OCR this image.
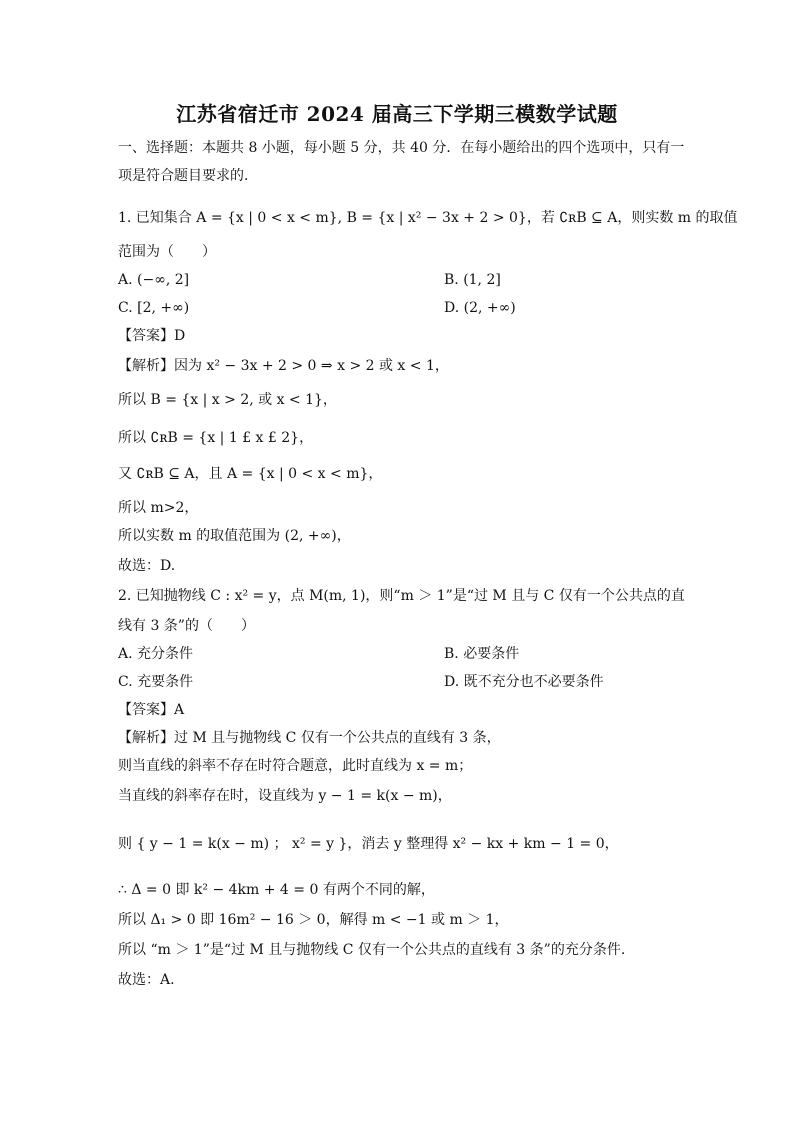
江苏省宿迁市 2024 届高三下学期三模数学试题
一、选择题：本题共 8 小题，每小题 5 分，共 40 分．在每小题给出的四个选项中，只有一
项是符合题目要求的．
1. 已知集合 A = {x | 0 < x < m}, B = {x | x² − 3x + 2 > 0}，若 ∁ʀB ⊆ A，则实数 m 的取值
范围为（　　）
A. (−∞, 2]	B. (1, 2]
C. [2, +∞)	D. (2, +∞)
【答案】D
【解析】因为 x² − 3x + 2 > 0 ⇒ x > 2 或 x < 1，
所以 B = {x | x > 2, 或 x < 1}，
所以 ∁ʀB = {x | 1 £ x £ 2}，
又 ∁ʀB ⊆ A，且 A = {x | 0 < x < m}，
所以 m>2，
所以实数 m 的取值范围为 (2, +∞)，
故选：D.
2. 已知抛物线 C : x² = y，点 M(m, 1)，则“m ＞ 1”是“过 M 且与 C 仅有一个公共点的直
线有 3 条”的（　　）
A. 充分条件	B. 必要条件
C. 充要条件	D. 既不充分也不必要条件
【答案】A
【解析】过 M 且与抛物线 C 仅有一个公共点的直线有 3 条，
则当直线的斜率不存在时符合题意，此时直线为 x = m；
当直线的斜率存在时，设直线为 y − 1 = k(x − m)，
则 { y − 1 = k(x − m) ； x² = y }，消去 y 整理得 x² − kx + km − 1 = 0，
∴ Δ = 0 即 k² − 4km + 4 = 0 有两个不同的解，
所以 Δ₁ > 0 即 16m² − 16 ＞ 0，解得 m < −1 或 m ＞ 1，
所以 “m ＞ 1”是“过 M 且与抛物线 C 仅有一个公共点的直线有 3 条”的充分条件.
故选：A.
